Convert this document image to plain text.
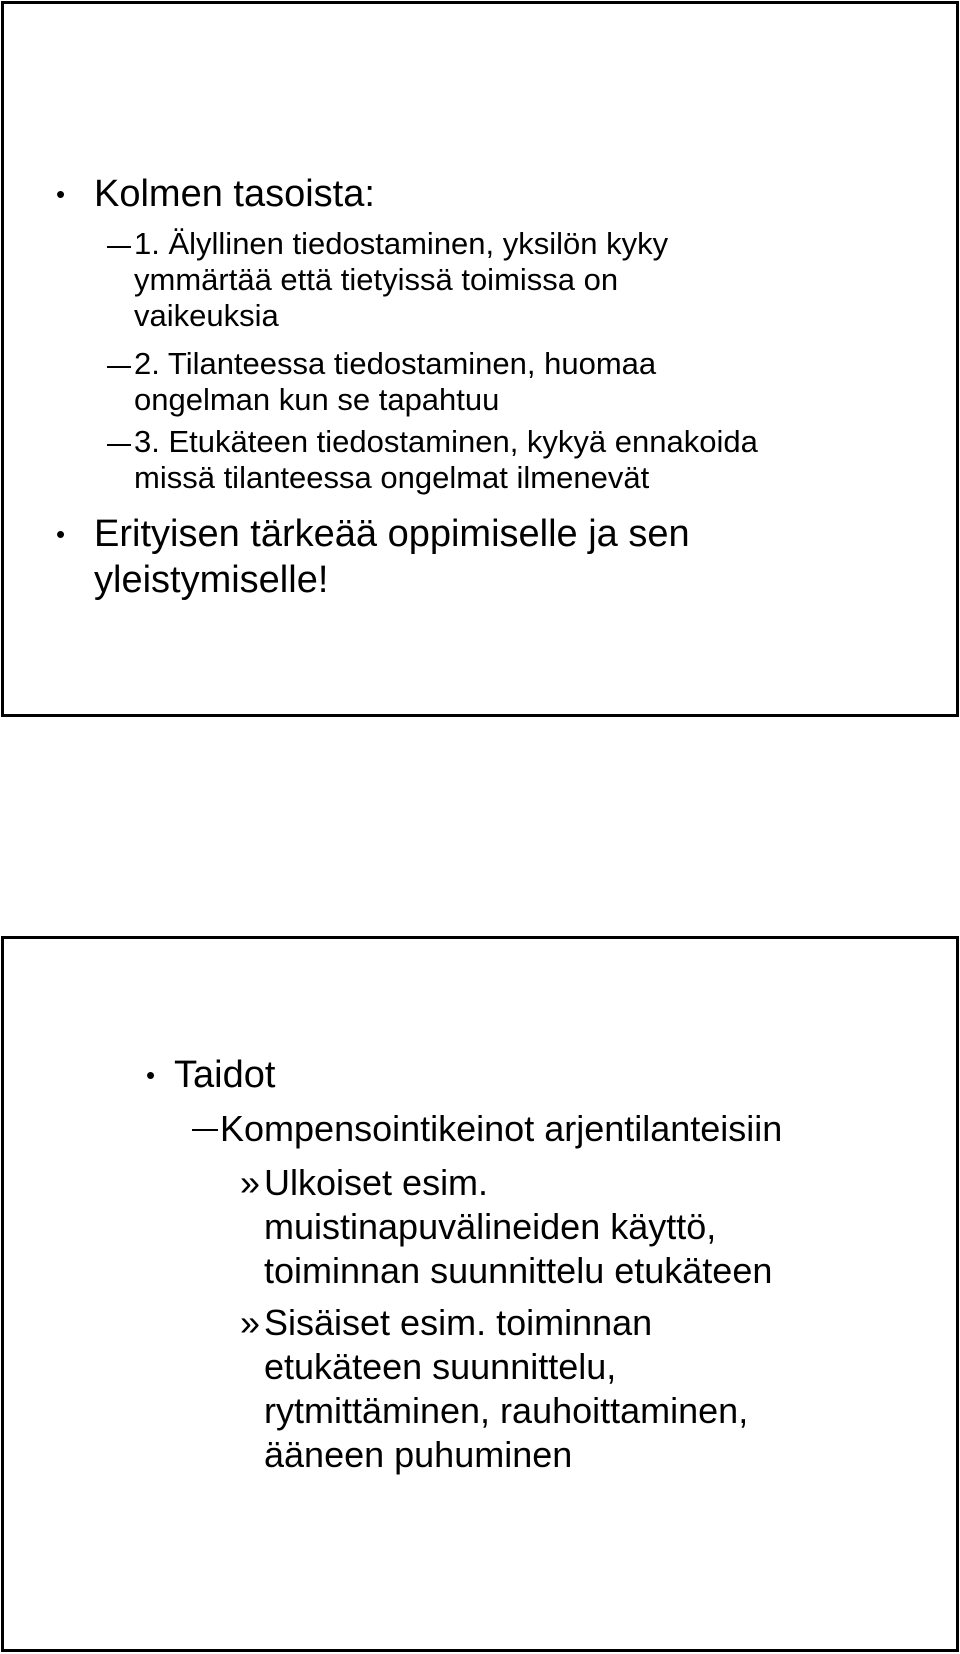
• Kolmen tasoista:
1. Älyllinen tiedostaminen, yksilön kyky
ymmärtää että tietyissä toimissa on
vaikeuksia
2. Tilanteessa tiedostaminen, huomaa
ongelman kun se tapahtuu
3. Etukäteen tiedostaminen, kykyä ennakoida
missä tilanteessa ongelmat ilmenevät
• Erityisen tärkeää oppimiselle ja sen
yleistymiselle!
• Taidot
Kompensointikeinot arjentilanteisiin
» Ulkoiset esim.
muistinapuvälineiden käyttö,
toiminnan suunnittelu etukäteen
» Sisäiset esim. toiminnan
etukäteen suunnittelu,
rytmittäminen, rauhoittaminen,
ääneen puhuminen
